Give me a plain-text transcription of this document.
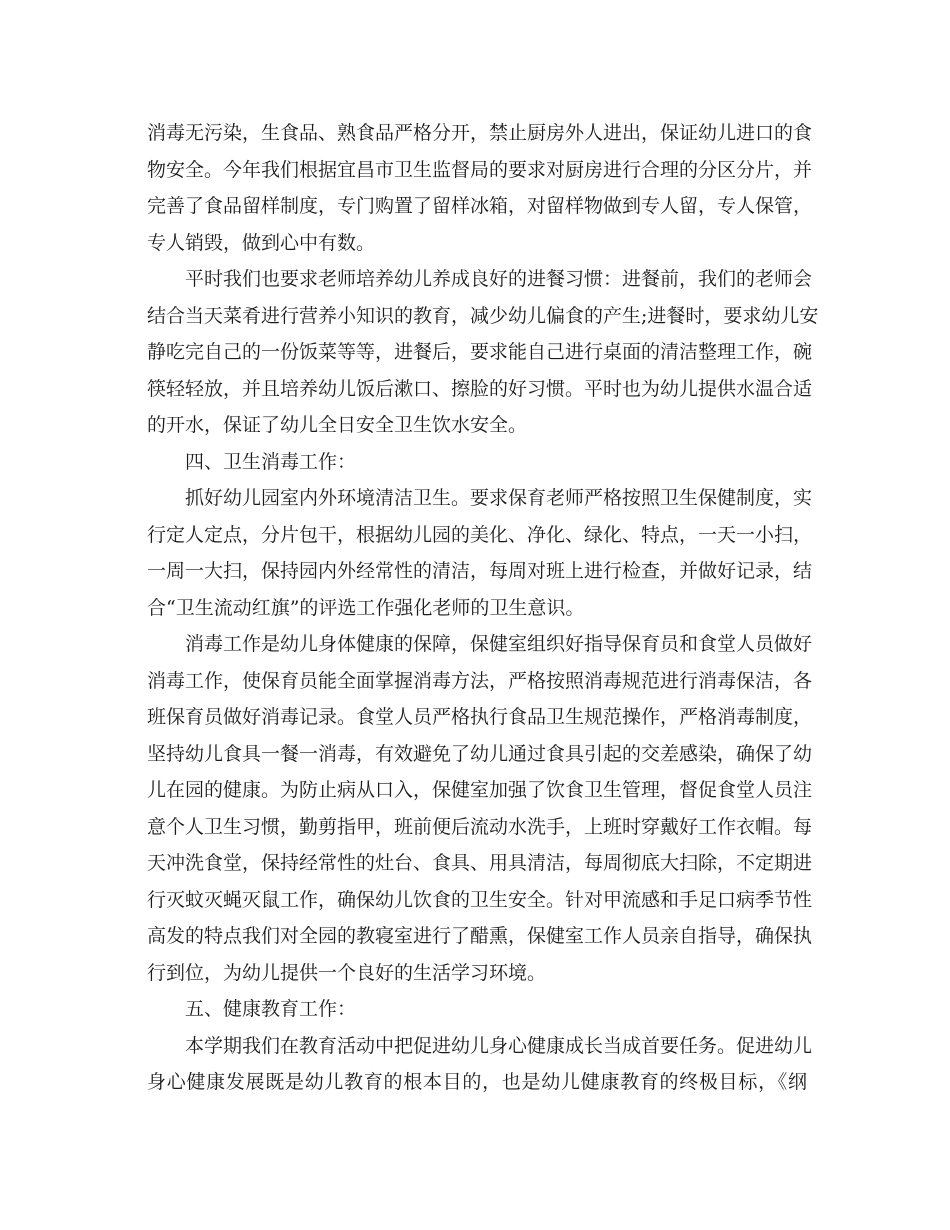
消毒无污染，生食品、熟食品严格分开，禁止厨房外人进出，保证幼儿进口的食
物安全。今年我们根据宜昌市卫生监督局的要求对厨房进行合理的分区分片，并
完善了食品留样制度，专门购置了留样冰箱，对留样物做到专人留，专人保管，
专人销毁，做到心中有数。
平时我们也要求老师培养幼儿养成良好的进餐习惯：进餐前，我们的老师会
结合当天菜肴进行营养小知识的教育，减少幼儿偏食的产生;进餐时，要求幼儿安
静吃完自己的一份饭菜等等，进餐后，要求能自己进行桌面的清洁整理工作，碗
筷轻轻放，并且培养幼儿饭后漱口、擦脸的好习惯。平时也为幼儿提供水温合适
的开水，保证了幼儿全日安全卫生饮水安全。
四、卫生消毒工作：
抓好幼儿园室内外环境清洁卫生。要求保育老师严格按照卫生保健制度，实
行定人定点，分片包干，根据幼儿园的美化、净化、绿化、特点，一天一小扫，
一周一大扫，保持园内外经常性的清洁，每周对班上进行检查，并做好记录，结
合“卫生流动红旗”的评选工作强化老师的卫生意识。
消毒工作是幼儿身体健康的保障，保健室组织好指导保育员和食堂人员做好
消毒工作，使保育员能全面掌握消毒方法，严格按照消毒规范进行消毒保洁，各
班保育员做好消毒记录。食堂人员严格执行食品卫生规范操作，严格消毒制度，
坚持幼儿食具一餐一消毒，有效避免了幼儿通过食具引起的交差感染，确保了幼
儿在园的健康。为防止病从口入，保健室加强了饮食卫生管理，督促食堂人员注
意个人卫生习惯，勤剪指甲，班前便后流动水洗手，上班时穿戴好工作衣帽。每
天冲洗食堂，保持经常性的灶台、食具、用具清洁，每周彻底大扫除，不定期进
行灭蚊灭蝇灭鼠工作，确保幼儿饮食的卫生安全。针对甲流感和手足口病季节性
高发的特点我们对全园的教寝室进行了醋熏，保健室工作人员亲自指导，确保执
行到位，为幼儿提供一个良好的生活学习环境。
五、健康教育工作：
本学期我们在教育活动中把促进幼儿身心健康成长当成首要任务。促进幼儿
身心健康发展既是幼儿教育的根本目的，也是幼儿健康教育的终极目标，《纲
